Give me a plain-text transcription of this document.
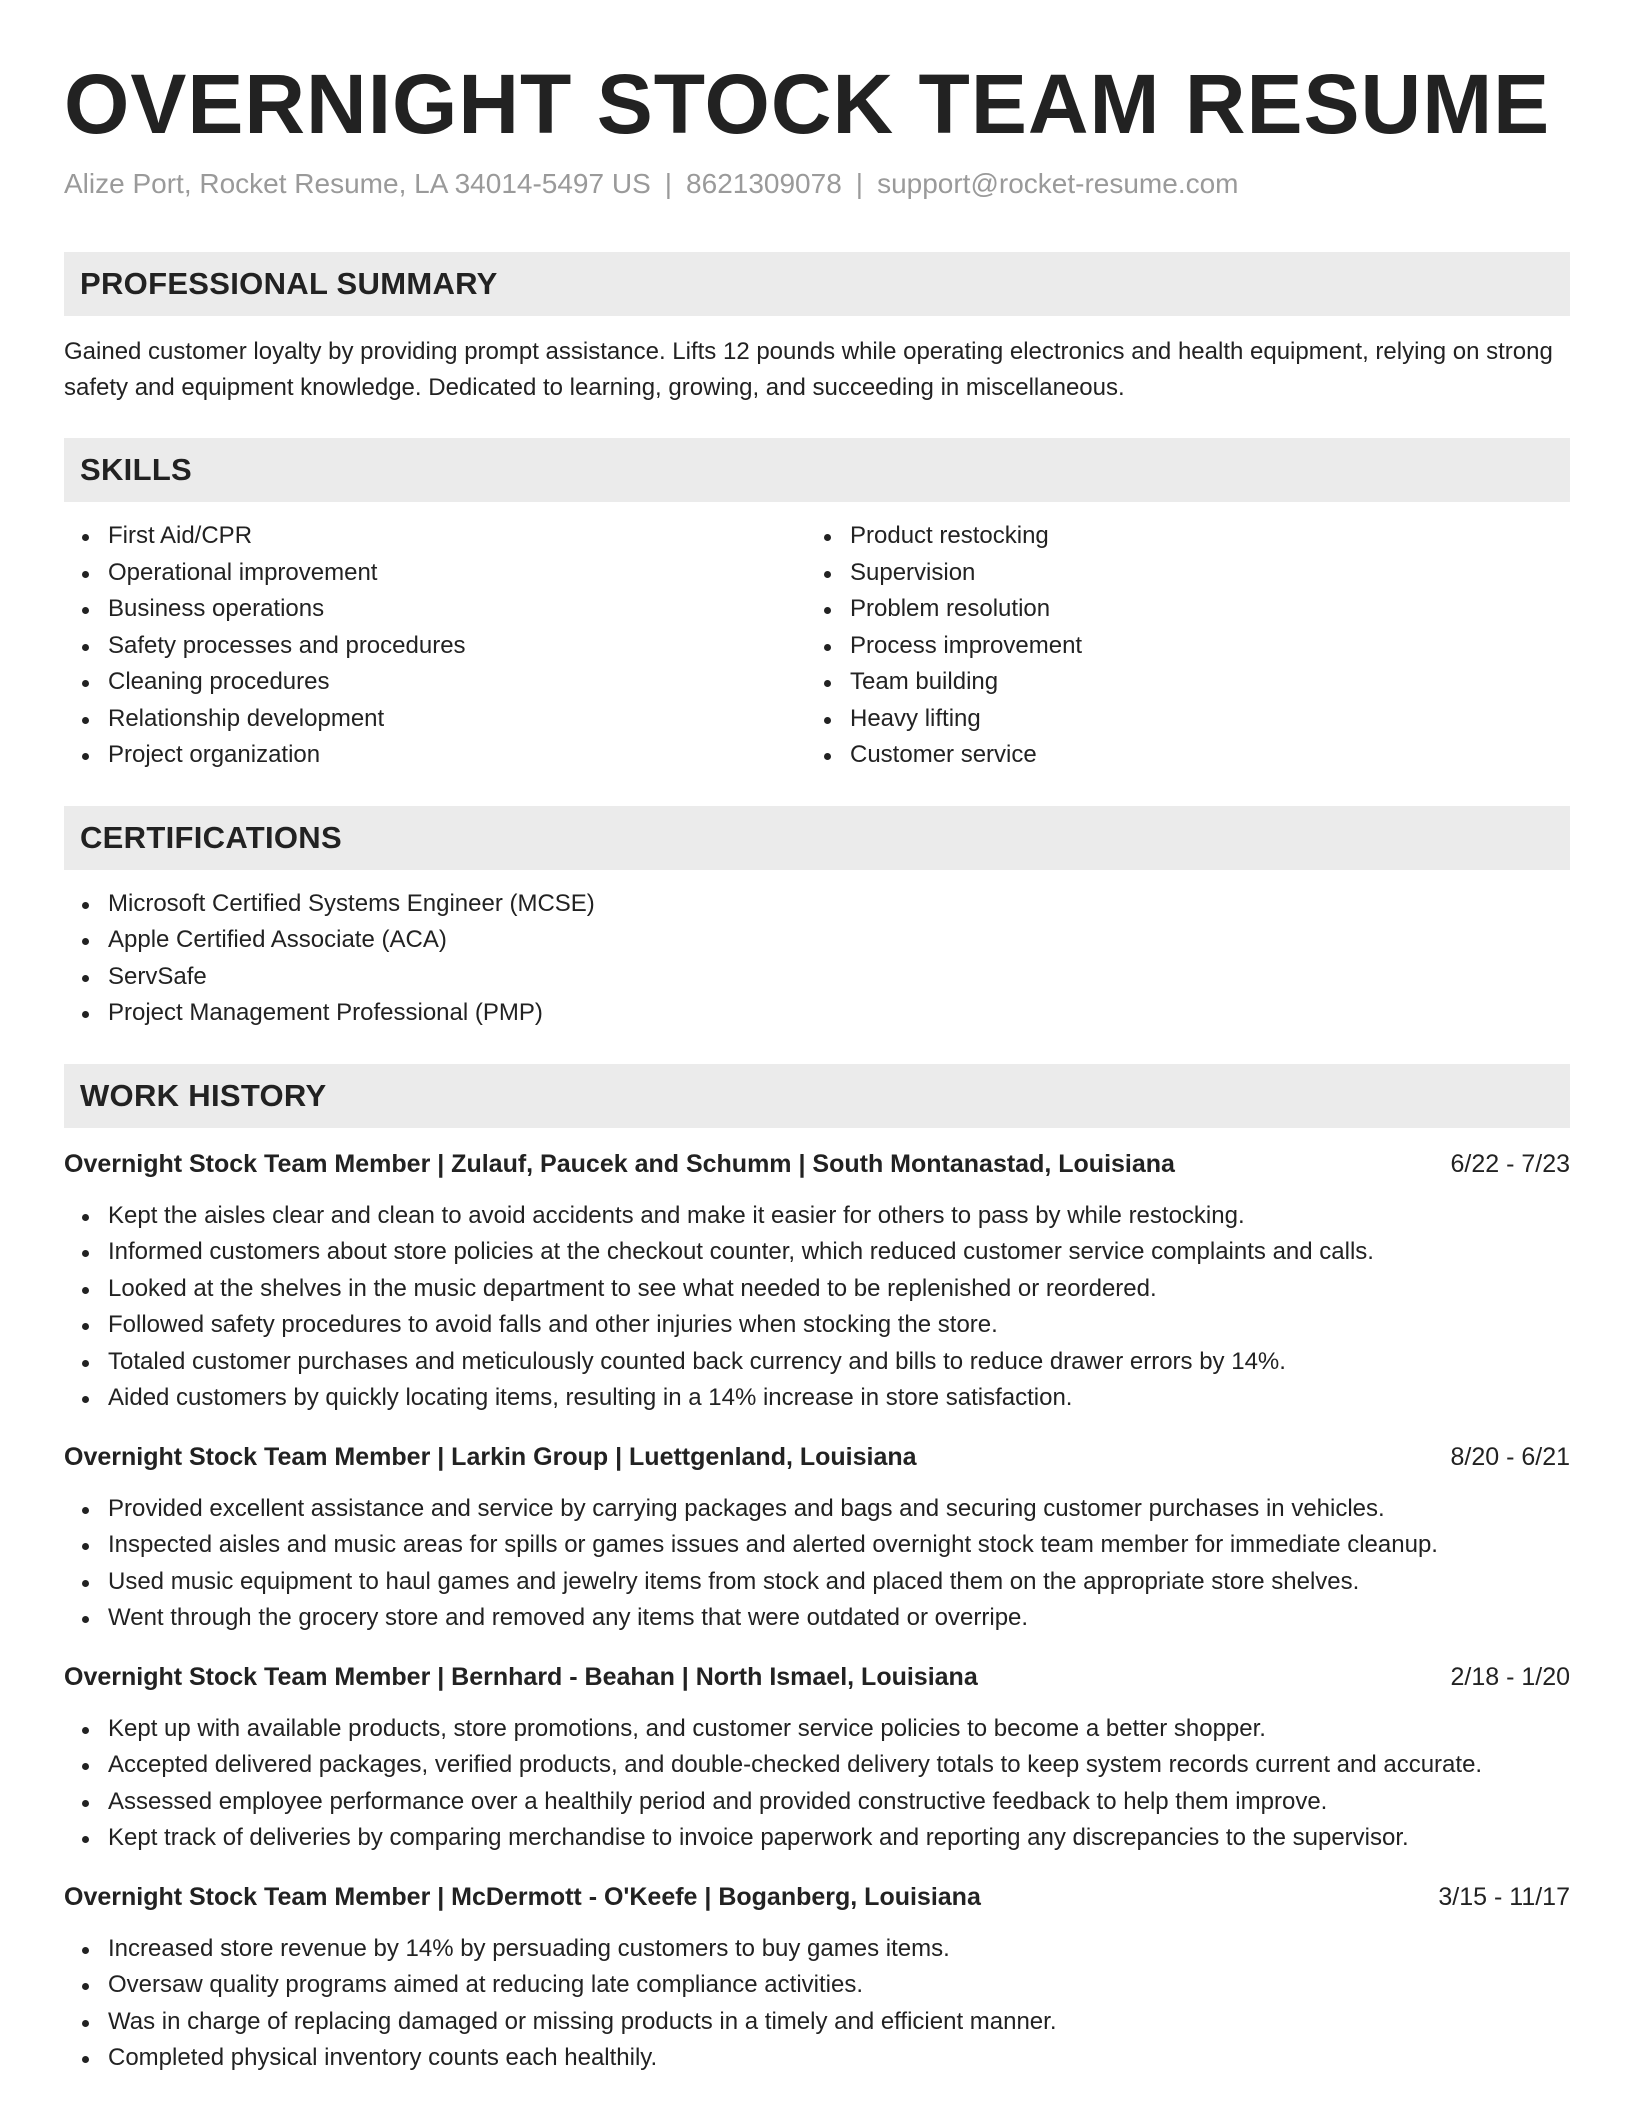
OVERNIGHT STOCK TEAM RESUME
Alize Port, Rocket Resume, LA 34014-5497 US | 8621309078 | support@rocket-resume.com
PROFESSIONAL SUMMARY

Gained customer loyalty by providing prompt assistance. Lifts 12 pounds while operating electronics and health equipment, relying on strong safety and equipment knowledge. Dedicated to learning, growing, and succeeding in miscellaneous.

SKILLS
First Aid/CPR
Operational improvement
Business operations
Safety processes and procedures
Cleaning procedures
Relationship development
Project organization
Product restocking
Supervision
Problem resolution
Process improvement
Team building
Heavy lifting
Customer service
CERTIFICATIONS
Microsoft Certified Systems Engineer (MCSE)
Apple Certified Associate (ACA)
ServSafe
Project Management Professional (PMP)
WORK HISTORY
Overnight Stock Team Member | Zulauf, Paucek and Schumm | South Montanastad, Louisiana	6/22 - 7/23
Kept the aisles clear and clean to avoid accidents and make it easier for others to pass by while restocking.
Informed customers about store policies at the checkout counter, which reduced customer service complaints and calls.
Looked at the shelves in the music department to see what needed to be replenished or reordered.
Followed safety procedures to avoid falls and other injuries when stocking the store.
Totaled customer purchases and meticulously counted back currency and bills to reduce drawer errors by 14%.
Aided customers by quickly locating items, resulting in a 14% increase in store satisfaction.
Overnight Stock Team Member | Larkin Group | Luettgenland, Louisiana	8/20 - 6/21
Provided excellent assistance and service by carrying packages and bags and securing customer purchases in vehicles.
Inspected aisles and music areas for spills or games issues and alerted overnight stock team member for immediate cleanup.
Used music equipment to haul games and jewelry items from stock and placed them on the appropriate store shelves.
Went through the grocery store and removed any items that were outdated or overripe.
Overnight Stock Team Member | Bernhard - Beahan | North Ismael, Louisiana	2/18 - 1/20
Kept up with available products, store promotions, and customer service policies to become a better shopper.
Accepted delivered packages, verified products, and double-checked delivery totals to keep system records current and accurate.
Assessed employee performance over a healthily period and provided constructive feedback to help them improve.
Kept track of deliveries by comparing merchandise to invoice paperwork and reporting any discrepancies to the supervisor.
Overnight Stock Team Member | McDermott - O'Keefe | Boganberg, Louisiana	3/15 - 11/17
Increased store revenue by 14% by persuading customers to buy games items.
Oversaw quality programs aimed at reducing late compliance activities.
Was in charge of replacing damaged or missing products in a timely and efficient manner.
Completed physical inventory counts each healthily.
